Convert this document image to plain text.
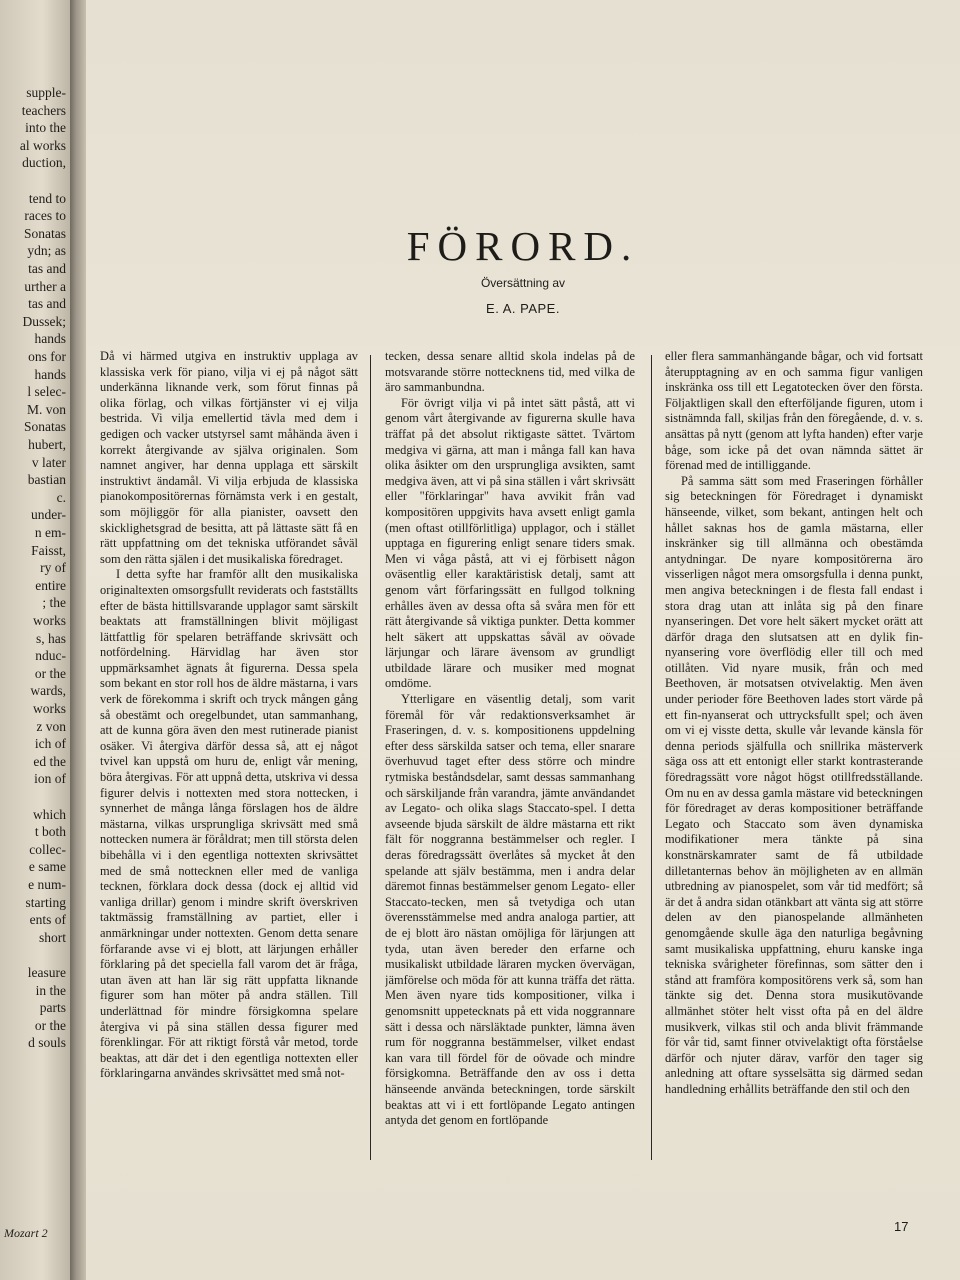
supple-
teachers
into the
al works
duction,
tend to
races to
Sonatas
ydn; as
tas and
urther a
tas and
Dussek;
hands
ons for
hands
l selec-
M. von
Sonatas
hubert,
v later
bastian
c.
under-
n em-
Faisst,
ry of
entire
; the
works
s, has
nduc-
or the
wards,
works
z von
ich of
ed the
ion of
which
t both
collec-
e same
e num-
starting
ents of
short
leasure
in the
parts
or the
d souls
Mozart 2
FÖRORD.
Översättning av
E. A. PAPE.

Då vi härmed utgiva en instruktiv upplaga av klassiska verk för piano, vilja vi ej på något sätt underkänna liknande verk, som förut finnas på olika förlag, och vilkas förtjänster vi ej vilja bestrida. Vi vilja emellertid tävla med dem i gedigen och vacker utstyrsel samt måhända även i korrekt återgivande av själva originalen. Som namnet angiver, har denna upplaga ett särskilt instruktivt ändamål. Vi vilja erbjuda de klassiska pianokompositörernas förnämsta verk i en gestalt, som möjliggör för alla pianister, oavsett den skicklighetsgrad de besitta, att på lättaste sätt få en rätt uppfattning om det tekniska utförandet såväl som den rätta själen i det musikaliska föredraget.

I detta syfte har framför allt den musikaliska originaltexten omsorgsfullt reviderats och fastställts efter de bästa hittillsvarande upplagor samt särskilt beaktats att framställningen blivit möjligast lättfattlig för spelaren beträffande skrivsätt och notfördelning. Härvidlag har även stor uppmärksamhet ägnats åt figurerna. Dessa spela som bekant en stor roll hos de äldre mästarna, i vars verk de förekomma i skrift och tryck mången gång så obestämt och oregelbundet, utan sammanhang, att de kunna göra även den mest rutinerade pianist osäker. Vi återgiva därför dessa så, att ej något tvivel kan uppstå om huru de, enligt vår mening, böra återgivas. För att uppnå detta, utskriva vi dessa figurer delvis i nottexten med stora nottecken, i synnerhet de många långa förslagen hos de äldre mästarna, vilkas ursprungliga skrivsätt med små nottecken numera är föråldrat; men till största delen bibehålla vi i den egentliga nottexten skrivsättet med de små nottecknen eller med de vanliga tecknen, förklara dock dessa (dock ej alltid vid vanliga drillar) genom i mindre skrift överskriven taktmässig framställning av partiet, eller i anmärkningar under nottexten. Genom detta senare förfarande avse vi ej blott, att lärjungen erhåller förklaring på det speciella fall varom det är fråga, utan även att han lär sig rätt uppfatta liknande figurer som han möter på andra ställen. Till underlättnad för mindre försigkomna spelare återgiva vi på sina ställen dessa figurer med förenklingar. För att riktigt förstå vår metod, torde beaktas, att där det i den egentliga nottexten eller förklaringarna användes skrivsättet med små not-

tecken, dessa senare alltid skola indelas på de motsvarande större nottecknens tid, med vilka de äro sammanbundna.

För övrigt vilja vi på intet sätt påstå, att vi genom vårt återgivande av figurerna skulle hava träffat på det absolut riktigaste sättet. Tvärtom medgiva vi gärna, att man i många fall kan hava olika åsikter om den ursprungliga avsikten, samt medgiva även, att vi på sina ställen i vårt skrivsätt eller "förklaringar" hava avvikit från vad kompositören uppgivits hava avsett enligt gamla (men oftast otillförlitliga) upplagor, och i stället upptaga en figurering enligt senare tiders smak. Men vi våga påstå, att vi ej förbisett någon oväsentlig eller karaktäristisk detalj, samt att genom vårt förfaringssätt en fullgod tolkning erhålles även av dessa ofta så svåra men för ett rätt återgivande så viktiga punkter. Detta kommer helt säkert att uppskattas såväl av oövade lärjungar och lärare ävensom av grundligt utbildade lärare och musiker med mognat omdöme.

Ytterligare en väsentlig detalj, som varit föremål för vår redaktionsverksamhet är Fraseringen, d. v. s. kompositionens uppdelning efter dess särskilda satser och tema, eller snarare överhuvud taget efter dess större och mindre rytmiska beståndsdelar, samt dessas sammanhang och särskiljande från varandra, jämte användandet av Legato- och olika slags Staccato-spel. I detta avseende bjuda särskilt de äldre mästarna ett rikt fält för noggranna bestämmelser och regler. I deras föredragssätt överlåtes så mycket åt den spelande att själv bestämma, men i andra delar däremot finnas bestämmelser genom Legato- eller Staccato-tecken, men så tvetydiga och utan överensstämmelse med andra analoga partier, att de ej blott äro nästan omöjliga för lärjungen att tyda, utan även bereder den erfarne och musikaliskt utbildade läraren mycken övervägan, jämförelse och möda för att kunna träffa det rätta. Men även nyare tids kompositioner, vilka i genomsnitt uppetecknats på ett vida noggrannare sätt i dessa och närsläktade punkter, lämna även rum för noggranna bestämmelser, vilket endast kan vara till fördel för de oövade och mindre försigkomna. Beträffande den av oss i detta hänseende använda beteckningen, torde särskilt beaktas att vi i ett fortlöpande Legato antingen antyda det genom en fortlöpande

eller flera sammanhängande bågar, och vid fortsatt återupptagning av en och samma figur vanligen inskränka oss till ett Legatotecken över den första. Följaktligen skall den efterföljande figuren, utom i sistnämnda fall, skiljas från den föregående, d. v. s. ansättas på nytt (genom att lyfta handen) efter varje båge, som icke på det ovan nämnda sättet är förenad med de intilliggande.

På samma sätt som med Fraseringen förhåller sig beteckningen för Föredraget i dynamiskt hänseende, vilket, som bekant, antingen helt och hållet saknas hos de gamla mästarna, eller inskränker sig till allmänna och obestämda antydningar. De nyare kompositörerna äro visserligen något mera omsorgsfulla i denna punkt, men angiva beteckningen i de flesta fall endast i stora drag utan att inlåta sig på den finare nyanseringen. Det vore helt säkert mycket orätt att därför draga den slutsatsen att en dylik fin-nyansering vore överflödig eller till och med otillåten. Vid nyare musik, från och med Beethoven, är motsatsen otvivelaktig. Men även under perioder före Beethoven lades stort värde på ett fin-nyanserat och uttrycksfullt spel; och även om vi ej visste detta, skulle vår levande känsla för denna periods själfulla och snillrika mästerverk säga oss att ett entonigt eller starkt kontrasterande föredragssätt vore något högst otillfredsställande. Om nu en av dessa gamla mästare vid beteckningen för föredraget av deras kompositioner beträffande Legato och Staccato som även dynamiska modifikationer mera tänkte på sina konstnärskamrater samt de få utbildade dilletanternas behov än möjligheten av en allmän utbredning av pianospelet, som vår tid medfört; så är det å andra sidan otänkbart att vänta sig att större delen av den pianospelande allmänheten genomgående skulle äga den naturliga begåvning samt musikaliska uppfattning, ehuru kanske inga tekniska svårigheter förefinnas, som sätter den i stånd att framföra kompositörens verk så, som han tänkte sig det. Denna stora musikutövande allmänhet stöter helt visst ofta på en del äldre musikverk, vilkas stil och anda blivit främmande för vår tid, samt finner otvivelaktigt ofta förståelse därför och njuter därav, varför den tager sig anledning att oftare sysselsätta sig därmed sedan handledning erhållits beträffande den stil och den

17
